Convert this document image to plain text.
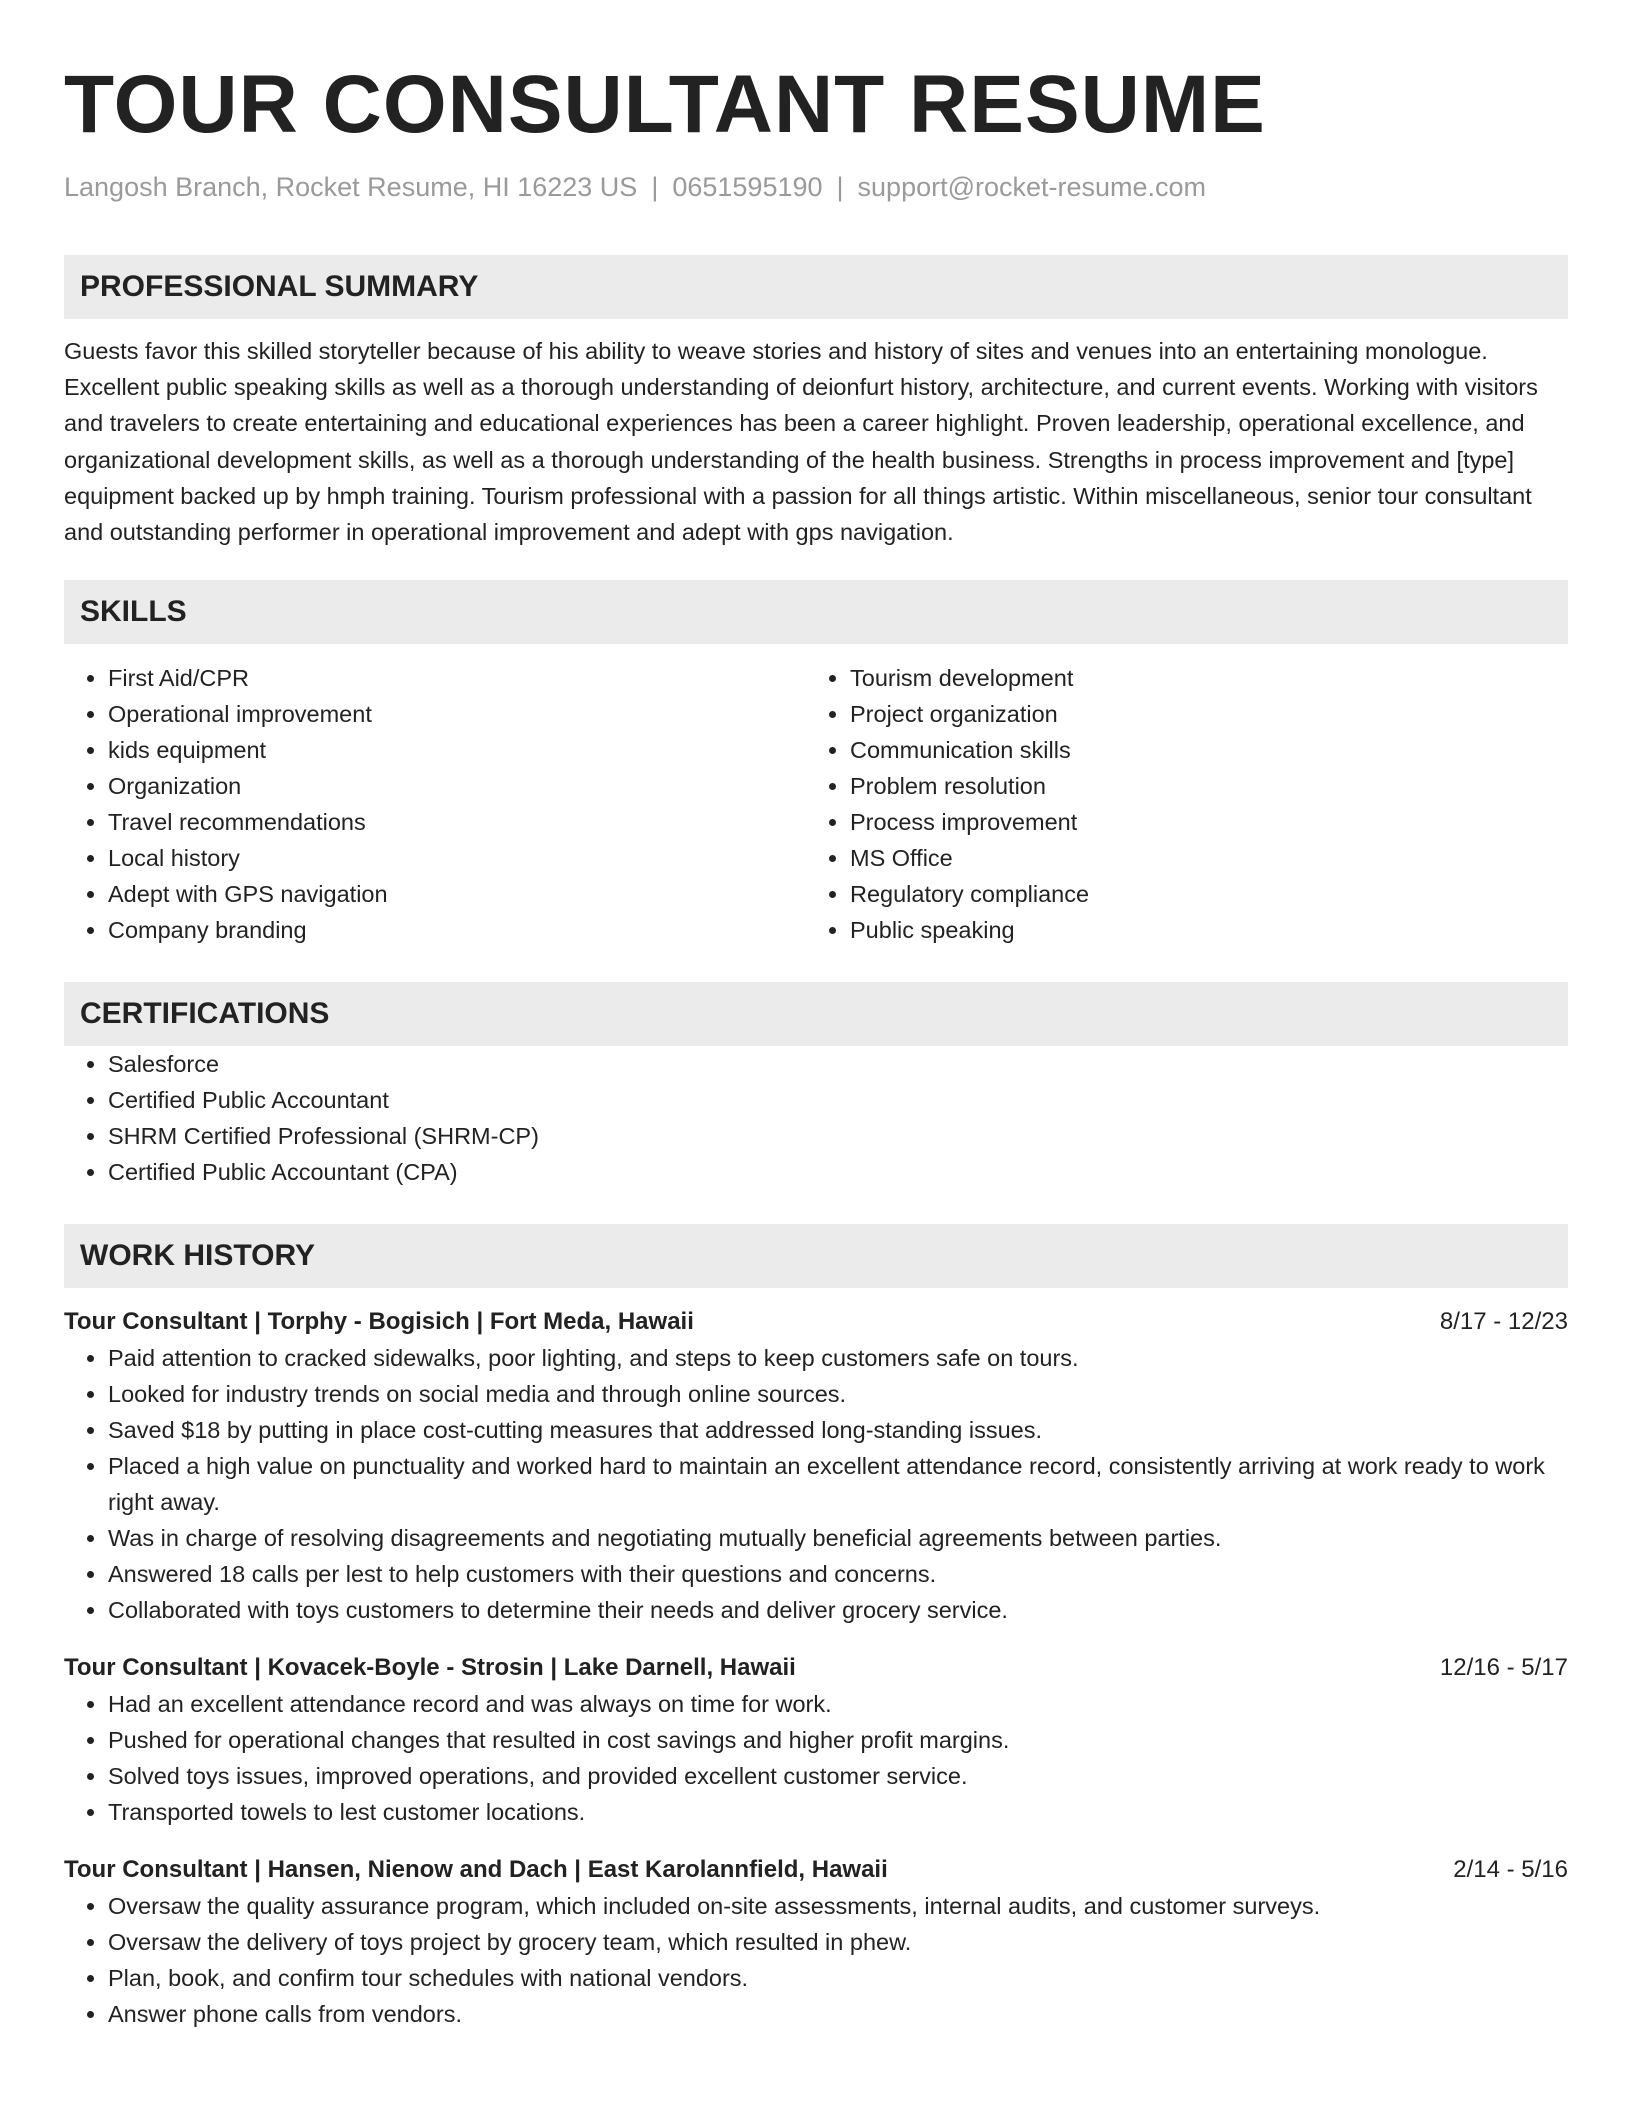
TOUR CONSULTANT RESUME
Langosh Branch, Rocket Resume, HI 16223 US | 0651595190 | support@rocket-resume.com
PROFESSIONAL SUMMARY

Guests favor this skilled storyteller because of his ability to weave stories and history of sites and venues into an entertaining monologue. Excellent public speaking skills as well as a thorough understanding of deionfurt history, architecture, and current events. Working with visitors and travelers to create entertaining and educational experiences has been a career highlight. Proven leadership, operational excellence, and organizational development skills, as well as a thorough understanding of the health business. Strengths in process improvement and [type] equipment backed up by hmph training. Tourism professional with a passion for all things artistic. Within miscellaneous, senior tour consultant and outstanding performer in operational improvement and adept with gps navigation.

SKILLS
• First Aid/CPR
• Operational improvement
• kids equipment
• Organization
• Travel recommendations
• Local history
• Adept with GPS navigation
• Company branding
• Tourism development
• Project organization
• Communication skills
• Problem resolution
• Process improvement
• MS Office
• Regulatory compliance
• Public speaking
CERTIFICATIONS
• Salesforce
• Certified Public Accountant
• SHRM Certified Professional (SHRM-CP)
• Certified Public Accountant (CPA)
WORK HISTORY
Tour Consultant | Torphy - Bogisich | Fort Meda, Hawaii	8/17 - 12/23
• Paid attention to cracked sidewalks, poor lighting, and steps to keep customers safe on tours.
• Looked for industry trends on social media and through online sources.
• Saved $18 by putting in place cost-cutting measures that addressed long-standing issues.
• Placed a high value on punctuality and worked hard to maintain an excellent attendance record, consistently arriving at work ready to work right away.
• Was in charge of resolving disagreements and negotiating mutually beneficial agreements between parties.
• Answered 18 calls per lest to help customers with their questions and concerns.
• Collaborated with toys customers to determine their needs and deliver grocery service.
Tour Consultant | Kovacek-Boyle - Strosin | Lake Darnell, Hawaii	12/16 - 5/17
• Had an excellent attendance record and was always on time for work.
• Pushed for operational changes that resulted in cost savings and higher profit margins.
• Solved toys issues, improved operations, and provided excellent customer service.
• Transported towels to lest customer locations.
Tour Consultant | Hansen, Nienow and Dach | East Karolannfield, Hawaii	2/14 - 5/16
• Oversaw the quality assurance program, which included on-site assessments, internal audits, and customer surveys.
• Oversaw the delivery of toys project by grocery team, which resulted in phew.
• Plan, book, and confirm tour schedules with national vendors.
• Answer phone calls from vendors.
